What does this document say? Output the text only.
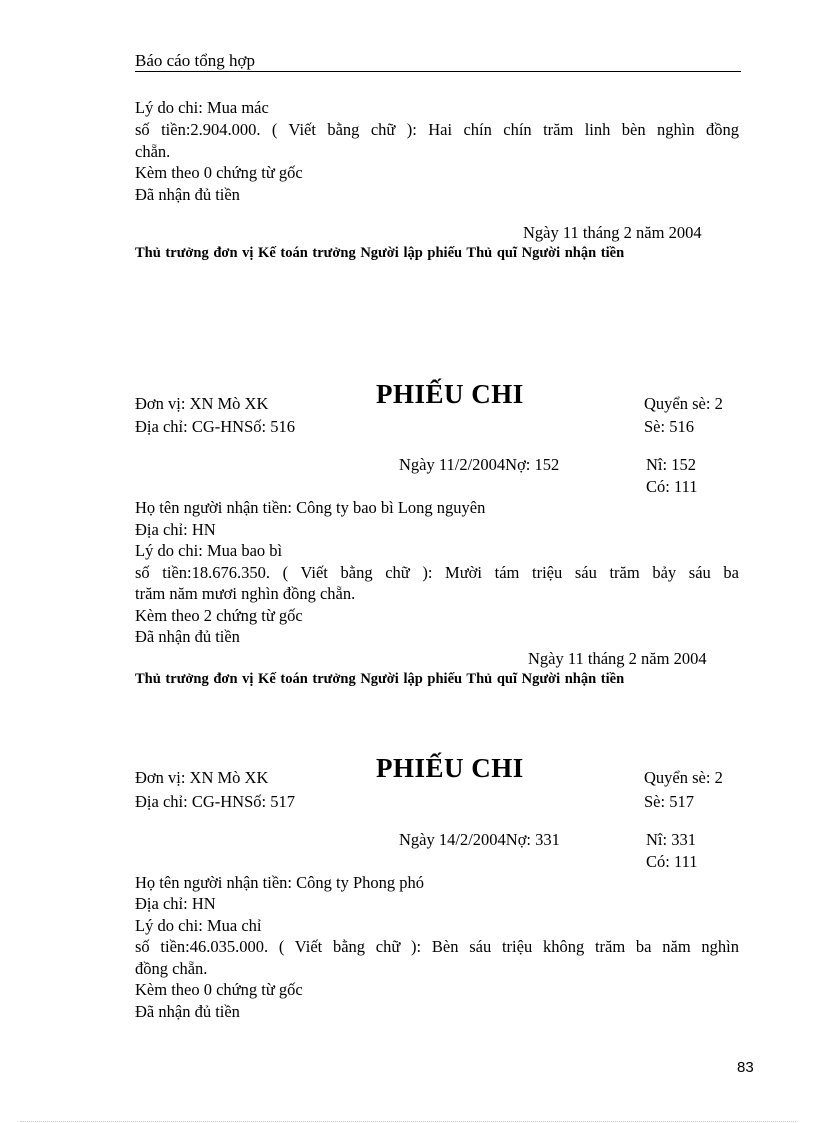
Báo cáo tổng hợp
Lý do chi: Mua mác
số tiền:2.904.000. ( Viết bằng chữ ): Hai chín chín trăm linh bèn nghìn đồng
chẵn.
Kèm theo 0 chứng từ gốc
Đã nhận đủ tiền
Ngày 11 tháng 2 năm 2004
Thủ trưởng đơn vị Kế toán trưởng Người lập phiếu Thủ quĩ Người nhận tiền
Đơn vị: XN Mò XK	PHIẾU CHI	Quyển sè: 2
Địa chỉ: CG-HNSố: 516	Sè: 516
Ngày 11/2/2004Nợ: 152	Nî: 152
Có: 111
Họ tên người nhận tiền: Công ty bao bì Long nguyên
Địa chỉ: HN
Lý do chi: Mua bao bì
số tiền:18.676.350. ( Viết bằng chữ ): Mười tám triệu sáu trăm bảy sáu ba
trăm năm mươi nghìn đồng chẵn.
Kèm theo 2 chứng từ gốc
Đã nhận đủ tiền
Ngày 11 tháng 2 năm 2004
Thủ trưởng đơn vị Kế toán trưởng Người lập phiếu Thủ quĩ Người nhận tiền
Đơn vị: XN Mò XK	PHIẾU CHI	Quyển sè: 2
Địa chỉ: CG-HNSố: 517	Sè: 517
Ngày 14/2/2004Nợ: 331	Nî: 331
Có: 111
Họ tên người nhận tiền: Công ty Phong phó
Địa chỉ: HN
Lý do chi: Mua chỉ
số tiền:46.035.000. ( Viết bằng chữ ): Bèn sáu triệu không trăm ba năm nghìn
đồng chẵn.
Kèm theo 0 chứng từ gốc
Đã nhận đủ tiền
83
